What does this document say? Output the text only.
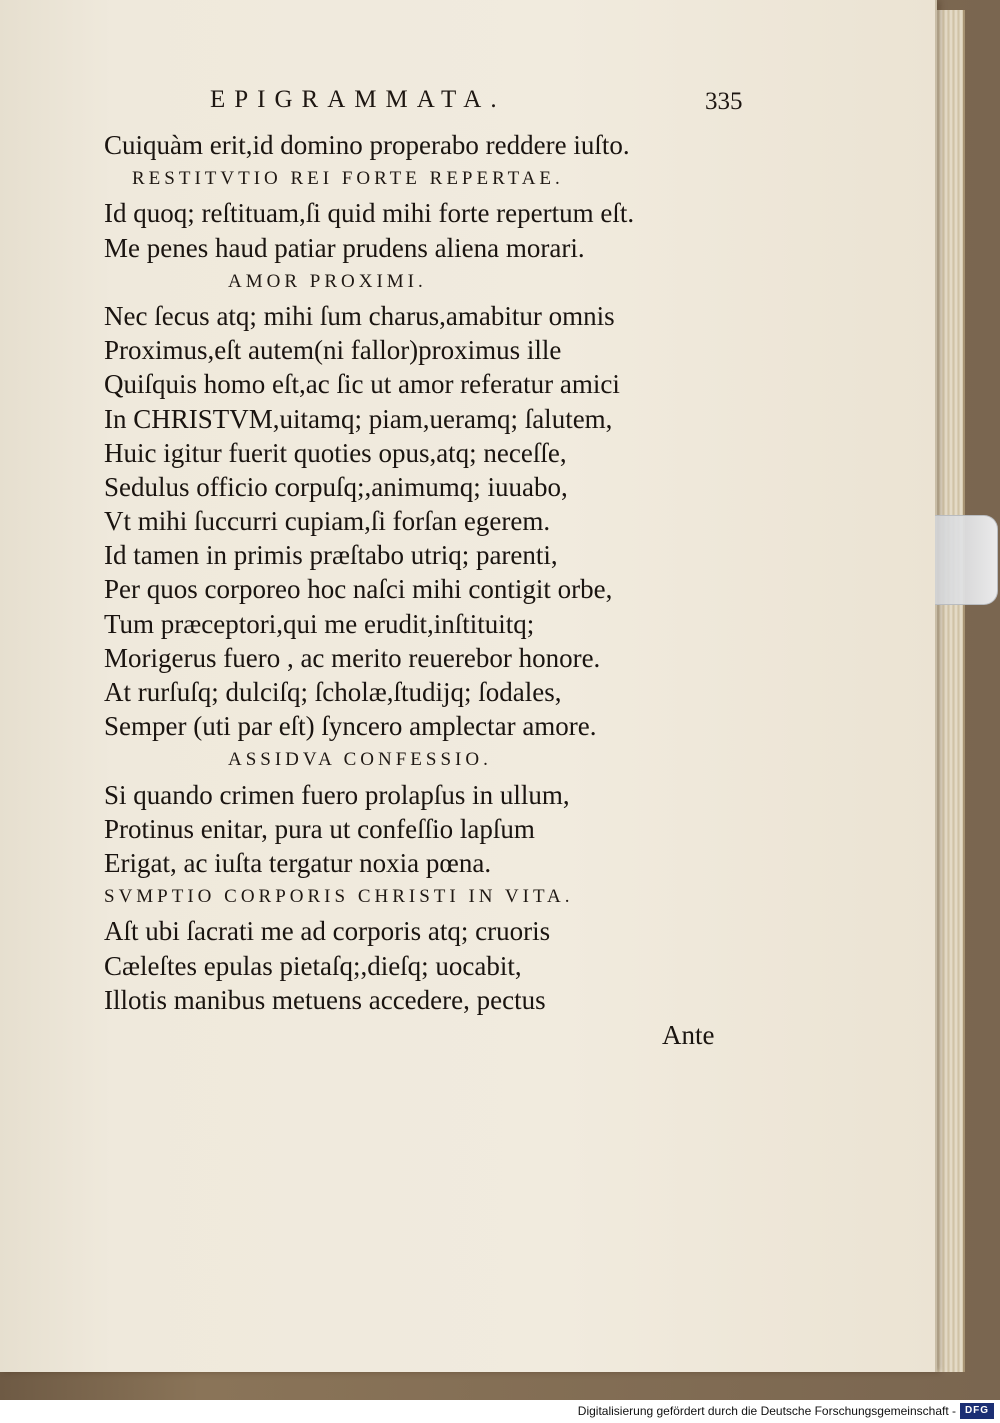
EPIGRAMMATA.	335
Cuiquàm erit,id domino properabo reddere iuſto.
RESTITVTIO REI FORTE REPERTAE.
Id quoq; reſtituam,ſi quid mihi forte repertum eſt.
Me penes haud patiar prudens aliena morari.
AMOR PROXIMI.
Nec ſecus atq; mihi ſum charus,amabitur omnis
Proximus,eſt autem(ni fallor)proximus ille
Quiſquis homo eſt,ac ſic ut amor referatur amici
In CHRISTVM,uitamq; piam,ueramq; ſalutem,
Huic igitur fuerit quoties opus,atq; neceſſe,
Sedulus officio corpuſq;,animumq; iuuabo,
Vt mihi ſuccurri cupiam,ſi forſan egerem.
Id tamen in primis præſtabo utriq; parenti,
Per quos corporeo hoc naſci mihi contigit orbe,
Tum præceptori,qui me erudit,inſtituitq;
Morigerus fuero , ac merito reuerebor honore.
At rurſuſq; dulciſq; ſcholæ,ſtudijq; ſodales,
Semper (uti par eſt) ſyncero amplectar amore.
ASSIDVA CONFESSIO.
Si quando crimen fuero prolapſus in ullum,
Protinus enitar, pura ut confeſſio lapſum
Erigat, ac iuſta tergatur noxia pœna.
SVMPTIO CORPORIS CHRISTI IN VITA.
Aſt ubi ſacrati me ad corporis atq; cruoris
Cæleſtes epulas pietaſq;,dieſq; uocabit,
Illotis manibus metuens accedere, pectus
Ante
Digitalisierung gefördert durch die Deutsche Forschungsgemeinschaft - DFG
